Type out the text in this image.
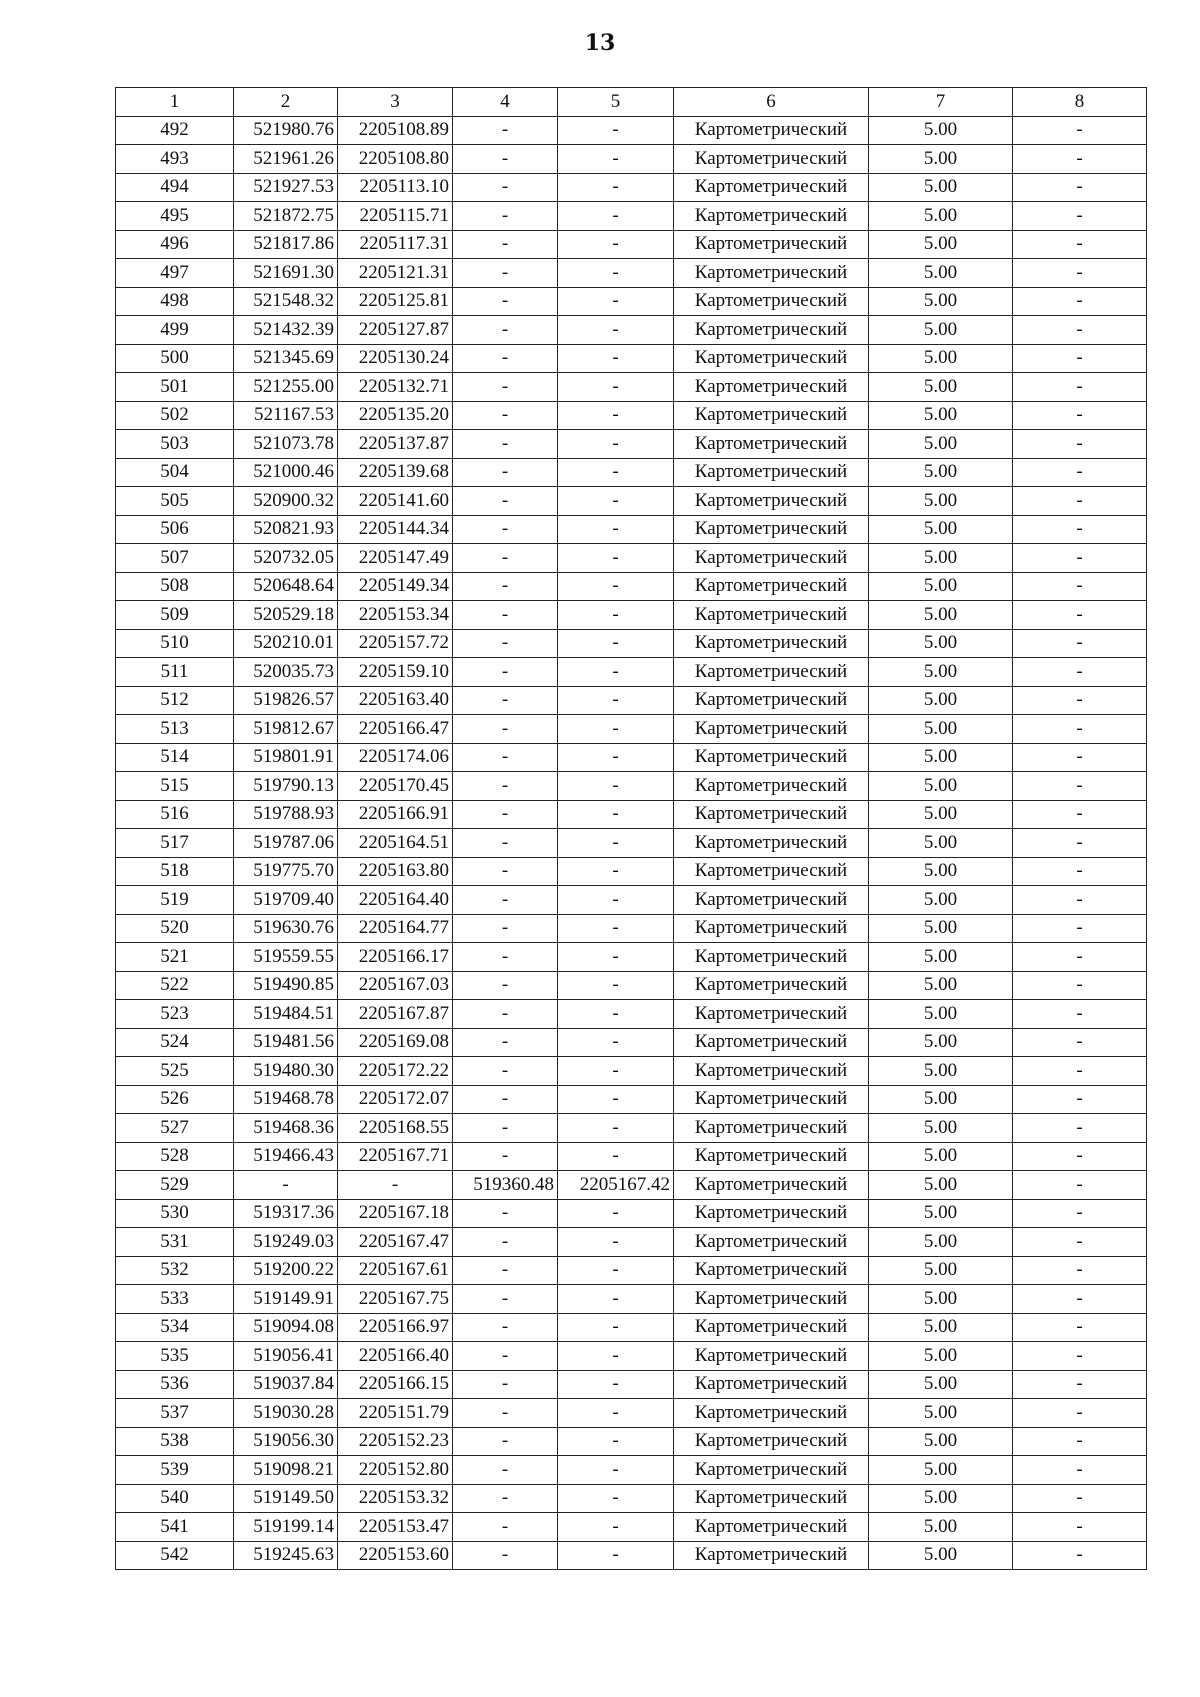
13
1	2	3	4	5	6	7	8
492	521980.76	2205108.89	-	-	Картометрический	5.00	-
493	521961.26	2205108.80	-	-	Картометрический	5.00	-
494	521927.53	2205113.10	-	-	Картометрический	5.00	-
495	521872.75	2205115.71	-	-	Картометрический	5.00	-
496	521817.86	2205117.31	-	-	Картометрический	5.00	-
497	521691.30	2205121.31	-	-	Картометрический	5.00	-
498	521548.32	2205125.81	-	-	Картометрический	5.00	-
499	521432.39	2205127.87	-	-	Картометрический	5.00	-
500	521345.69	2205130.24	-	-	Картометрический	5.00	-
501	521255.00	2205132.71	-	-	Картометрический	5.00	-
502	521167.53	2205135.20	-	-	Картометрический	5.00	-
503	521073.78	2205137.87	-	-	Картометрический	5.00	-
504	521000.46	2205139.68	-	-	Картометрический	5.00	-
505	520900.32	2205141.60	-	-	Картометрический	5.00	-
506	520821.93	2205144.34	-	-	Картометрический	5.00	-
507	520732.05	2205147.49	-	-	Картометрический	5.00	-
508	520648.64	2205149.34	-	-	Картометрический	5.00	-
509	520529.18	2205153.34	-	-	Картометрический	5.00	-
510	520210.01	2205157.72	-	-	Картометрический	5.00	-
511	520035.73	2205159.10	-	-	Картометрический	5.00	-
512	519826.57	2205163.40	-	-	Картометрический	5.00	-
513	519812.67	2205166.47	-	-	Картометрический	5.00	-
514	519801.91	2205174.06	-	-	Картометрический	5.00	-
515	519790.13	2205170.45	-	-	Картометрический	5.00	-
516	519788.93	2205166.91	-	-	Картометрический	5.00	-
517	519787.06	2205164.51	-	-	Картометрический	5.00	-
518	519775.70	2205163.80	-	-	Картометрический	5.00	-
519	519709.40	2205164.40	-	-	Картометрический	5.00	-
520	519630.76	2205164.77	-	-	Картометрический	5.00	-
521	519559.55	2205166.17	-	-	Картометрический	5.00	-
522	519490.85	2205167.03	-	-	Картометрический	5.00	-
523	519484.51	2205167.87	-	-	Картометрический	5.00	-
524	519481.56	2205169.08	-	-	Картометрический	5.00	-
525	519480.30	2205172.22	-	-	Картометрический	5.00	-
526	519468.78	2205172.07	-	-	Картометрический	5.00	-
527	519468.36	2205168.55	-	-	Картометрический	5.00	-
528	519466.43	2205167.71	-	-	Картометрический	5.00	-
529	-	-	519360.48	2205167.42	Картометрический	5.00	-
530	519317.36	2205167.18	-	-	Картометрический	5.00	-
531	519249.03	2205167.47	-	-	Картометрический	5.00	-
532	519200.22	2205167.61	-	-	Картометрический	5.00	-
533	519149.91	2205167.75	-	-	Картометрический	5.00	-
534	519094.08	2205166.97	-	-	Картометрический	5.00	-
535	519056.41	2205166.40	-	-	Картометрический	5.00	-
536	519037.84	2205166.15	-	-	Картометрический	5.00	-
537	519030.28	2205151.79	-	-	Картометрический	5.00	-
538	519056.30	2205152.23	-	-	Картометрический	5.00	-
539	519098.21	2205152.80	-	-	Картометрический	5.00	-
540	519149.50	2205153.32	-	-	Картометрический	5.00	-
541	519199.14	2205153.47	-	-	Картометрический	5.00	-
542	519245.63	2205153.60	-	-	Картометрический	5.00	-
